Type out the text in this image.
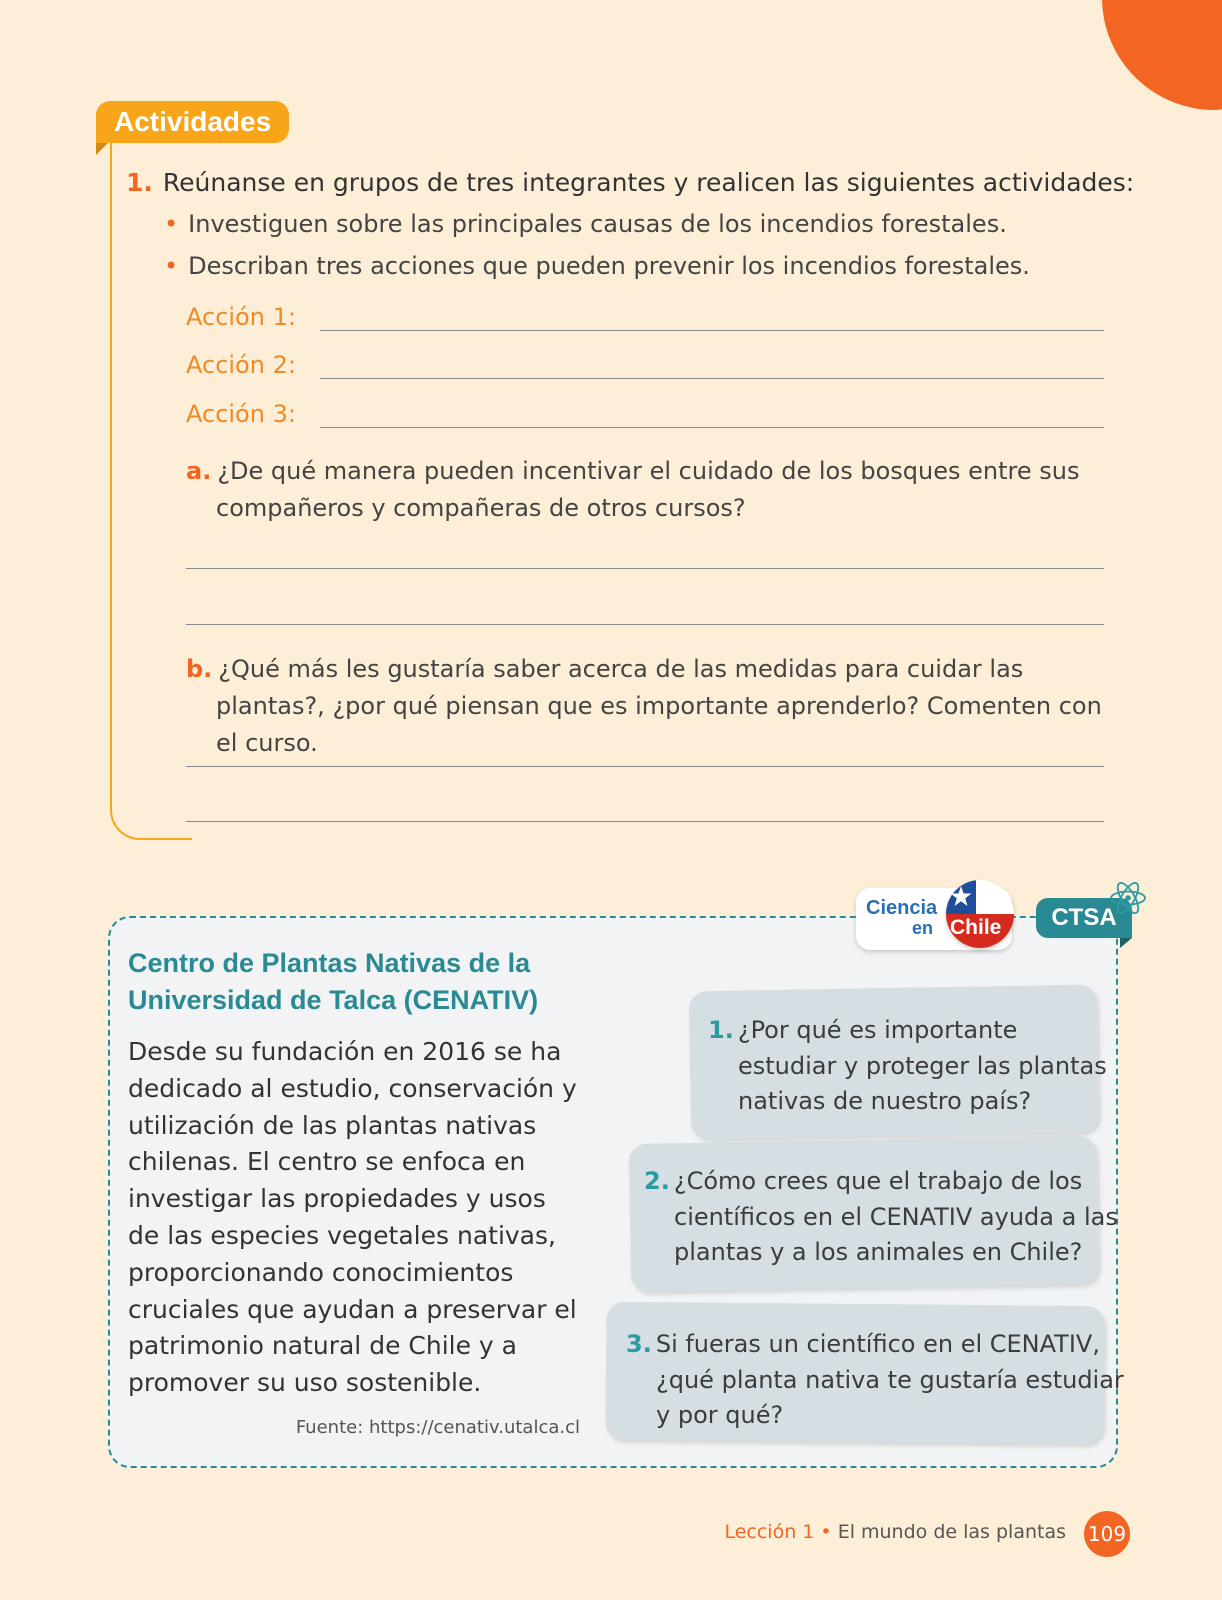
Actividades
1. Reúnanse en grupos de tres integrantes y realicen las siguientes actividades:
• Investiguen sobre las principales causas de los incendios forestales.
• Describan tres acciones que pueden prevenir los incendios forestales.
Acción 1:
Acción 2:
Acción 3:
a. ¿De qué manera pueden incentivar el cuidado de los bosques entre sus compañeros y compañeras de otros cursos?
b. ¿Qué más les gustaría saber acerca de las medidas para cuidar las plantas?, ¿por qué piensan que es importante aprenderlo? Comenten con el curso.
Ciencia
en Chile	CTSA
Centro de Plantas Nativas de la Universidad de Talca (CENATIV)
Desde su fundación en 2016 se ha dedicado al estudio, conservación y utilización de las plantas nativas chilenas. El centro se enfoca en investigar las propiedades y usos de las especies vegetales nativas, proporcionando conocimientos cruciales que ayudan a preservar el patrimonio natural de Chile y a promover su uso sostenible.
Fuente: https://cenativ.utalca.cl
1. ¿Por qué es importante estudiar y proteger las plantas nativas de nuestro país?
2. ¿Cómo crees que el trabajo de los científicos en el CENATIV ayuda a las plantas y a los animales en Chile?
3. Si fueras un científico en el CENATIV, ¿qué planta nativa te gustaría estudiar y por qué?
Lección 1 • El mundo de las plantas 109
